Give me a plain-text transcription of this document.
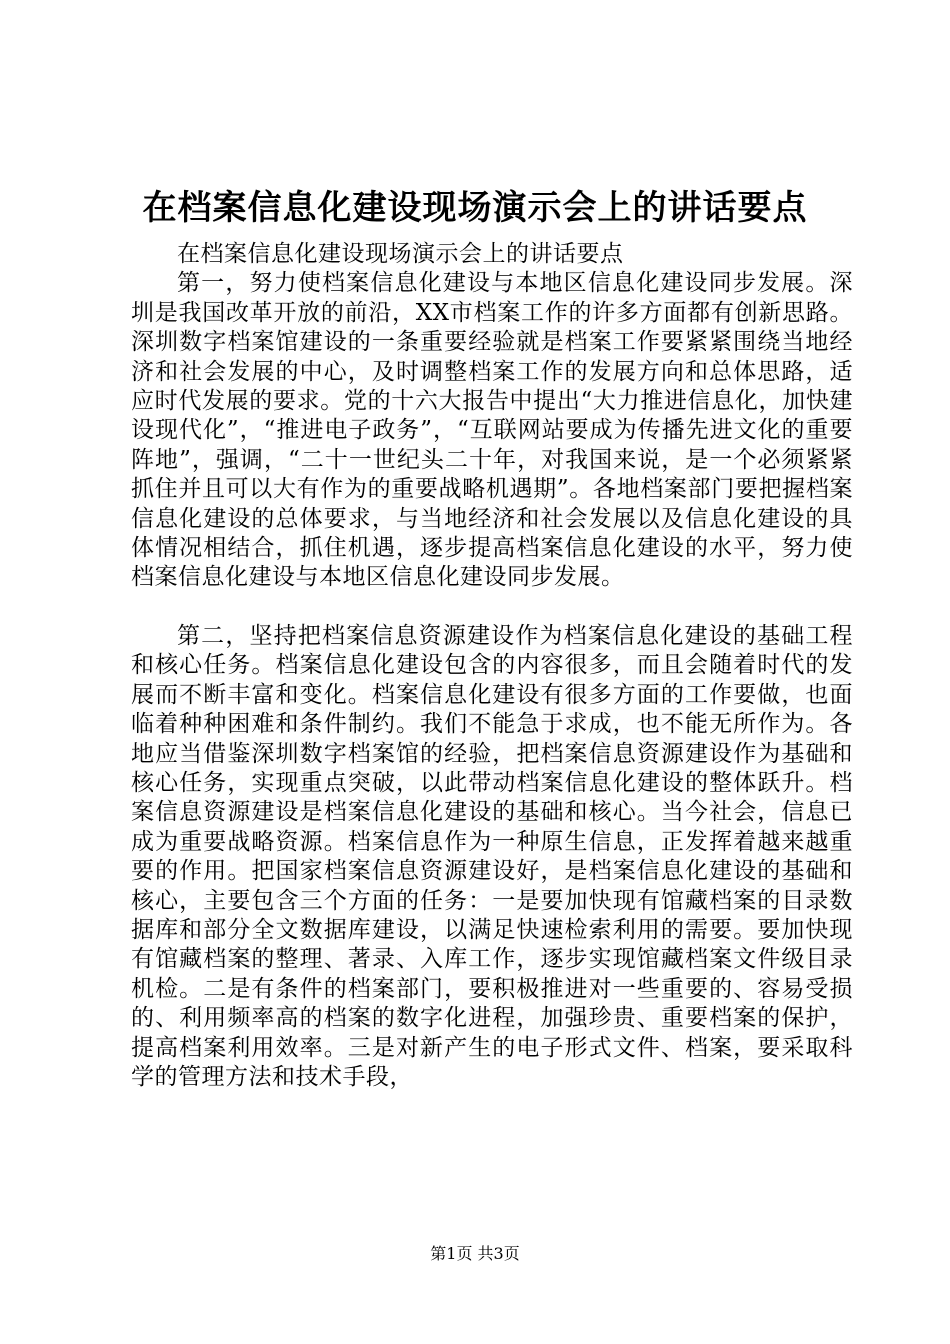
在档案信息化建设现场演示会上的讲话要点

在档案信息化建设现场演示会上的讲话要点

第一，努力使档案信息化建设与本地区信息化建设同步发展。深圳是我国改革开放的前沿，XX市档案工作的许多方面都有创新思路。深圳数字档案馆建设的一条重要经验就是档案工作要紧紧围绕当地经济和社会发展的中心，及时调整档案工作的发展方向和总体思路，适应时代发展的要求。党的十六大报告中提出“大力推进信息化，加快建设现代化”，“推进电子政务”，“互联网站要成为传播先进文化的重要阵地”，强调，“二十一世纪头二十年，对我国来说，是一个必须紧紧抓住并且可以大有作为的重要战略机遇期”。各地档案部门要把握档案信息化建设的总体要求，与当地经济和社会发展以及信息化建设的具体情况相结合，抓住机遇，逐步提高档案信息化建设的水平，努力使档案信息化建设与本地区信息化建设同步发展。

第二，坚持把档案信息资源建设作为档案信息化建设的基础工程和核心任务。档案信息化建设包含的内容很多，而且会随着时代的发展而不断丰富和变化。档案信息化建设有很多方面的工作要做，也面临着种种困难和条件制约。我们不能急于求成，也不能无所作为。各地应当借鉴深圳数字档案馆的经验，把档案信息资源建设作为基础和核心任务，实现重点突破，以此带动档案信息化建设的整体跃升。档案信息资源建设是档案信息化建设的基础和核心。当今社会，信息已成为重要战略资源。档案信息作为一种原生信息，正发挥着越来越重要的作用。把国家档案信息资源建设好，是档案信息化建设的基础和核心，主要包含三个方面的任务：一是要加快现有馆藏档案的目录数据库和部分全文数据库建设，以满足快速检索利用的需要。要加快现有馆藏档案的整理、著录、入库工作，逐步实现馆藏档案文件级目录机检。二是有条件的档案部门，要积极推进对一些重要的、容易受损的、利用频率高的档案的数字化进程，加强珍贵、重要档案的保护，提高档案利用效率。三是对新产生的电子形式文件、档案，要采取科学的管理方法和技术手段，

第1页 共3页
